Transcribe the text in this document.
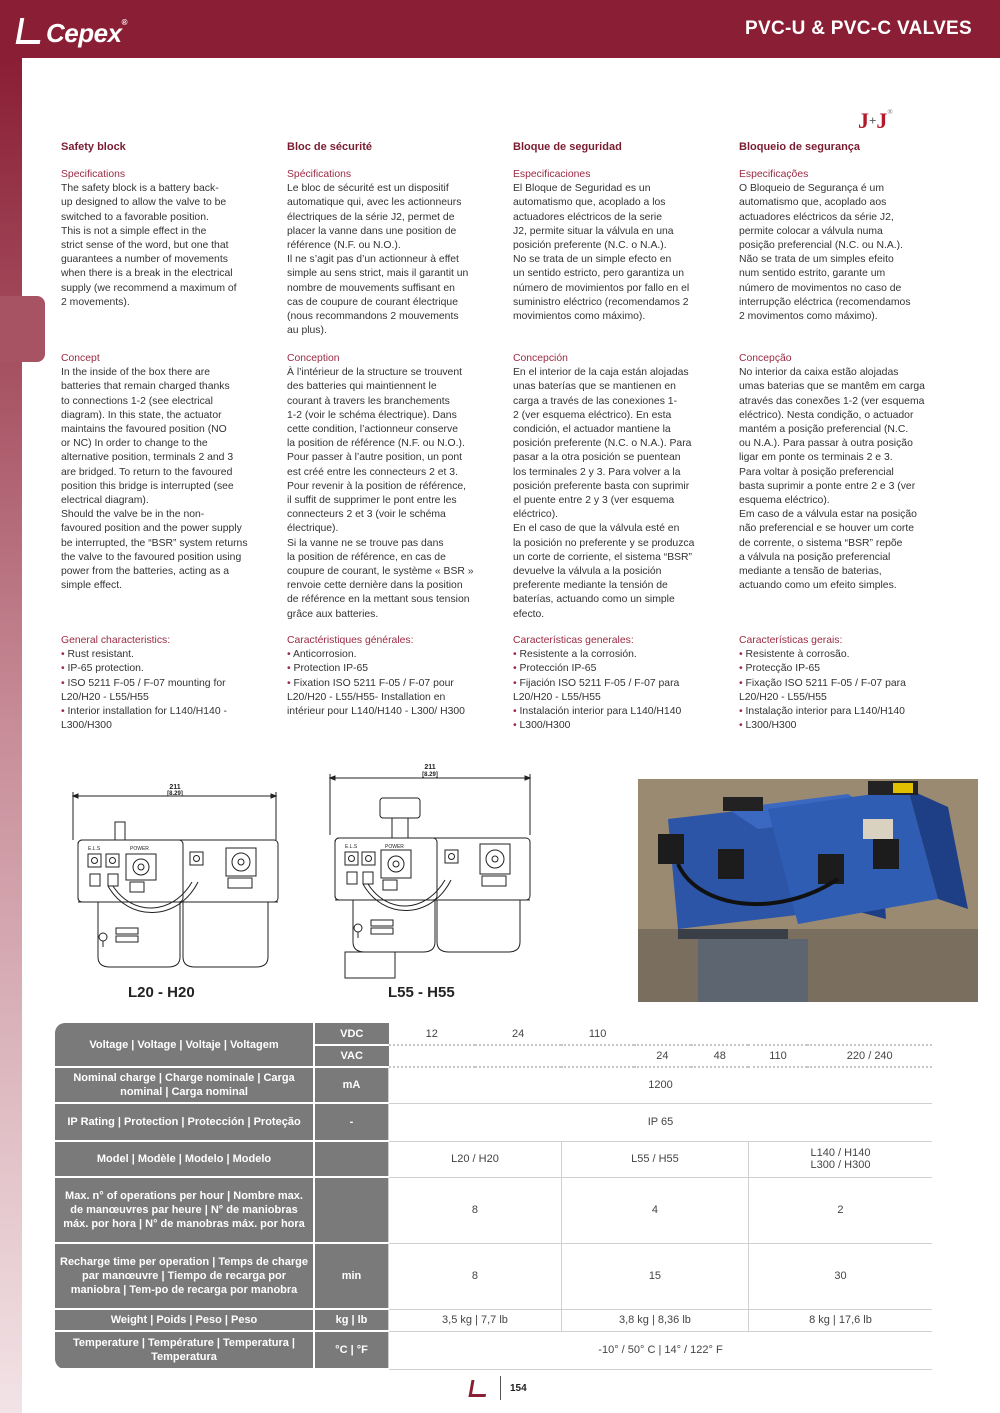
Cepex®	PVC-U & PVC-C VALVES
J+J®
Safety block
Specifications
The safety block is a battery back-
up designed to allow the valve to be
switched to a favorable position.
This is not a simple effect in the
strict sense of the word, but one that
guarantees a number of movements
when there is a break in the electrical
supply (we recommend a maximum of
2 movements).
Concept
In the inside of the box there are
batteries that remain charged thanks
to connections 1-2 (see electrical
diagram). In this state, the actuator
maintains the favoured position (NO
or NC) In order to change to the
alternative position, terminals 2 and 3
are bridged. To return to the favoured
position this bridge is interrupted (see
electrical diagram).
Should the valve be in the non-
favoured position and the power supply
be interrupted, the “BSR” system returns
the valve to the favoured position using
power from the batteries, acting as a
simple effect.
General characteristics:
• Rust resistant.
• IP-65 protection.
• ISO 5211 F-05 / F-07 mounting for L20/H20 - L55/H55
• Interior installation for L140/H140 - L300/H300
Bloc de sécurité
Spécifications
Le bloc de sécurité est un dispositif
automatique qui, avec les actionneurs
électriques de la série J2, permet de
placer la vanne dans une position de
référence (N.F. ou N.O.).
Il ne s’agit pas d’un actionneur à effet
simple au sens strict, mais il garantit un
nombre de mouvements suffisant en
cas de coupure de courant électrique
(nous recommandons 2 mouvements
au plus).
Conception
À l’intérieur de la structure se trouvent
des batteries qui maintiennent le
courant à travers les branchements
1-2 (voir le schéma électrique). Dans
cette condition, l’actionneur conserve
la position de référence (N.F. ou N.O.).
Pour passer à l’autre position, un pont
est créé entre les connecteurs 2 et 3.
Pour revenir à la position de référence,
il suffit de supprimer le pont entre les
connecteurs 2 et 3 (voir le schéma
électrique).
Si la vanne ne se trouve pas dans
la position de référence, en cas de
coupure de courant, le système « BSR »
renvoie cette dernière dans la position
de référence en la mettant sous tension
grâce aux batteries.
Caractéristiques générales:
• Anticorrosion.
• Protection IP-65
• Fixation ISO 5211 F-05 / F-07 pour L20/H20 - L55/H55- Installation en intérieur pour L140/H140 - L300/ H300
Bloque de seguridad
Especificaciones
El Bloque de Seguridad es un
automatismo que, acoplado a los
actuadores eléctricos de la serie
J2, permite situar la válvula en una
posición preferente (N.C. o N.A.).
No se trata de un simple efecto en
un sentido estricto, pero garantiza un
número de movimientos por fallo en el
suministro eléctrico (recomendamos 2
movimientos como máximo).
Concepción
En el interior de la caja están alojadas
unas baterías que se mantienen en
carga a través de las conexiones 1-
2 (ver esquema eléctrico). En esta
condición, el actuador mantiene la
posición preferente (N.C. o N.A.). Para
pasar a la otra posición se puentean
los terminales 2 y 3. Para volver a la
posición preferente basta con suprimir
el puente entre 2 y 3 (ver esquema
eléctrico).
En el caso de que la válvula esté en
la posición no preferente y se produzca
un corte de corriente, el sistema “BSR”
devuelve la válvula a la posición
preferente mediante la tensión de
baterías, actuando como un simple
efecto.
Características generales:
• Resistente a la corrosión.
• Protección IP-65
• Fijación ISO 5211 F-05 / F-07 para L20/H20 - L55/H55
• Instalación interior para L140/H140
• L300/H300
Bloqueio de segurança
Especificações
O Bloqueio de Segurança é um
automatismo que, acoplado aos
actuadores eléctricos da série J2,
permite colocar a válvula numa
posição preferencial (N.C. ou N.A.).
Não se trata de um simples efeito
num sentido estrito, garante um
número de movimentos no caso de
interrupção eléctrica (recomendamos
2 movimentos como máximo).
Concepção
No interior da caixa estão alojadas
umas baterias que se mantêm em carga
através das conexões 1-2 (ver esquema
eléctrico). Nesta condição, o actuador
mantém a posição preferencial (N.C.
ou N.A.). Para passar à outra posição
ligar em ponte os terminais 2 e 3.
Para voltar à posição preferencial
basta suprimir a ponte entre 2 e 3 (ver
esquema eléctrico).
Em caso de a válvula estar na posição
não preferencial e se houver um corte
de corrente, o sistema “BSR” repõe
a válvula na posição preferencial
mediante a tensão de baterias,
actuando como um efeito simples.
Características gerais:
• Resistente à corrosão.
• Protecção IP-65
• Fixação ISO 5211 F-05 / F-07 para L20/H20 - L55/H55
• Instalação interior para L140/H140
• L300/H300
211
[8.29]
E.L.S	POWER
L20 - H20
211
[8.29]
E.L.S	POWER
L55 - H55
Voltage | Voltage | Voltaje | Voltagem	VDC	12	24	110				
	VAC				24	48	110	220 / 240
Nominal charge | Charge nominale | Carga nominal | Carga nominal	mA	1200						
IP Rating | Protection | Protección | Proteção	-	IP 65						
Model | Modèle | Modelo | Modelo		L20 / H20		L55 / H55			L140 / H140
L300 / H300	

Max. n° of operations per hour | Nombre max. de manœuvres par heure | N° de maniobras máx. por hora | N° de manobras máx. por hora		8		4			2	
Recharge time per operation | Temps de charge par manœuvre | Tiempo de recarga por maniobra | Tem-po de recarga por manobra	min	8		15			30	
Weight | Poids | Peso | Peso	kg | lb	3,5 kg | 7,7 lb		3,8 kg | 8,36 lb			8 kg | 17,6 lb	
Temperature | Température | Temperatura | Temperatura	°C | °F	-10° / 50° C | 14° / 122° F						
154
